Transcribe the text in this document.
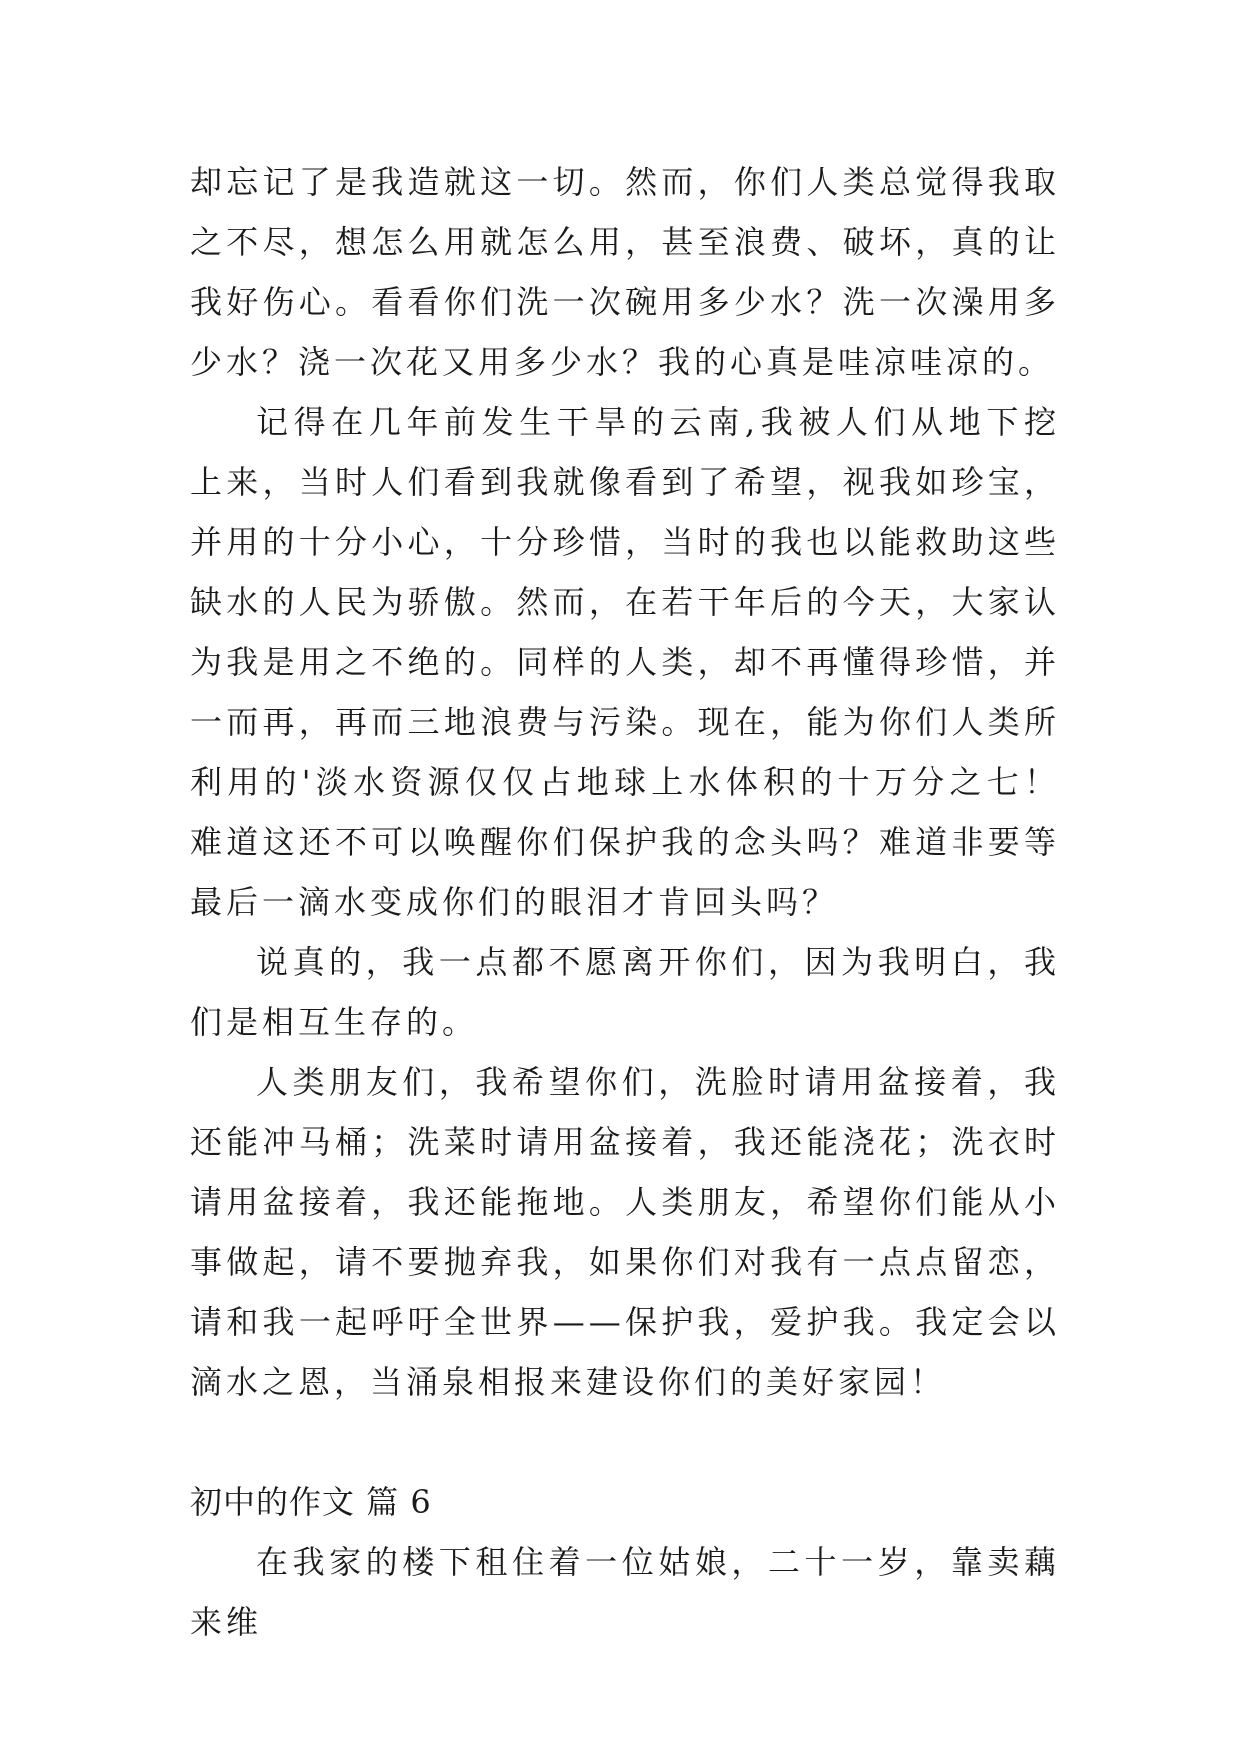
却忘记了是我造就这一切。然而，你们人类总觉得我取之不尽，想怎么用就怎么用，甚至浪费、破坏，真的让我好伤心。看看你们洗一次碗用多少水？洗一次澡用多少水？浇一次花又用多少水？我的心真是哇凉哇凉的。

记得在几年前发生干旱的云南,我被人们从地下挖上来，当时人们看到我就像看到了希望，视我如珍宝，并用的十分小心，十分珍惜，当时的我也以能救助这些缺水的人民为骄傲。然而，在若干年后的今天，大家认为我是用之不绝的。同样的人类，却不再懂得珍惜，并一而再，再而三地浪费与污染。现在，能为你们人类所利用的'淡水资源仅仅占地球上水体积的十万分之七！难道这还不可以唤醒你们保护我的念头吗？难道非要等最后一滴水变成你们的眼泪才肯回头吗？

说真的，我一点都不愿离开你们，因为我明白，我们是相互生存的。

人类朋友们，我希望你们，洗脸时请用盆接着，我还能冲马桶；洗菜时请用盆接着，我还能浇花；洗衣时请用盆接着，我还能拖地。人类朋友，希望你们能从小事做起，请不要抛弃我，如果你们对我有一点点留恋，请和我一起呼吁全世界——保护我，爱护我。我定会以滴水之恩，当涌泉相报来建设你们的美好家园！

初中的作文 篇 6

在我家的楼下租住着一位姑娘，二十一岁，靠卖藕来维
